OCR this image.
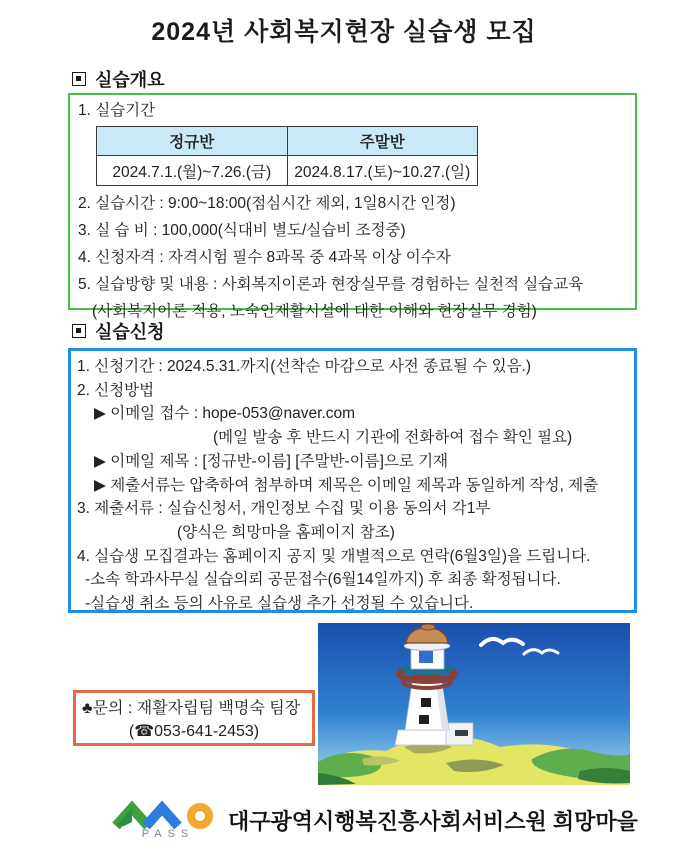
2024년 사회복지현장 실습생 모집
실습개요
1. 실습기간
정규반	주말반
2024.7.1.(월)~7.26.(금)	2024.8.17.(토)~10.27.(일)
2. 실습시간 : 9:00~18:00(점심시간 제외, 1일8시간 인정)
3. 실 습 비 : 100,000(식대비 별도/실습비 조정중)
4. 신청자격 : 자격시험 필수 8과목 중 4과목 이상 이수자
5. 실습방향 및 내용 : 사회복지이론과 현장실무를 경험하는 실천적 실습교육
(사회복지이론 적용, 노숙인재활시설에 대한 이해와 현장실무 경험)
실습신청
1. 신청기간 : 2024.5.31.까지(선착순 마감으로 사전 종료될 수 있음.)
2. 신청방법
▶ 이메일 접수 : hope-053@naver.com
(메일 발송 후 반드시 기관에 전화하여 접수 확인 필요)
▶ 이메일 제목 : [정규반-이름] [주말반-이름]으로 기재
▶ 제출서류는 압축하여 첨부하며 제목은 이메일 제목과 동일하게 작성, 제출
3. 제출서류 : 실습신청서, 개인정보 수집 및 이용 동의서 각1부
(양식은 희망마을 홈페이지 참조)
4. 실습생 모집결과는 홈페이지 공지 및 개별적으로 연락(6월3일)을 드립니다.
-소속 학과사무실 실습의뢰 공문접수(6월14일까지) 후 최종 확정됩니다.
-실습생 취소 등의 사유로 실습생 추가 선정될 수 있습니다.
♣문의 : 재활자립팀 백명숙 팀장
(☎053-641-2453)
PASS	대구광역시행복진흥사회서비스원 희망마을
